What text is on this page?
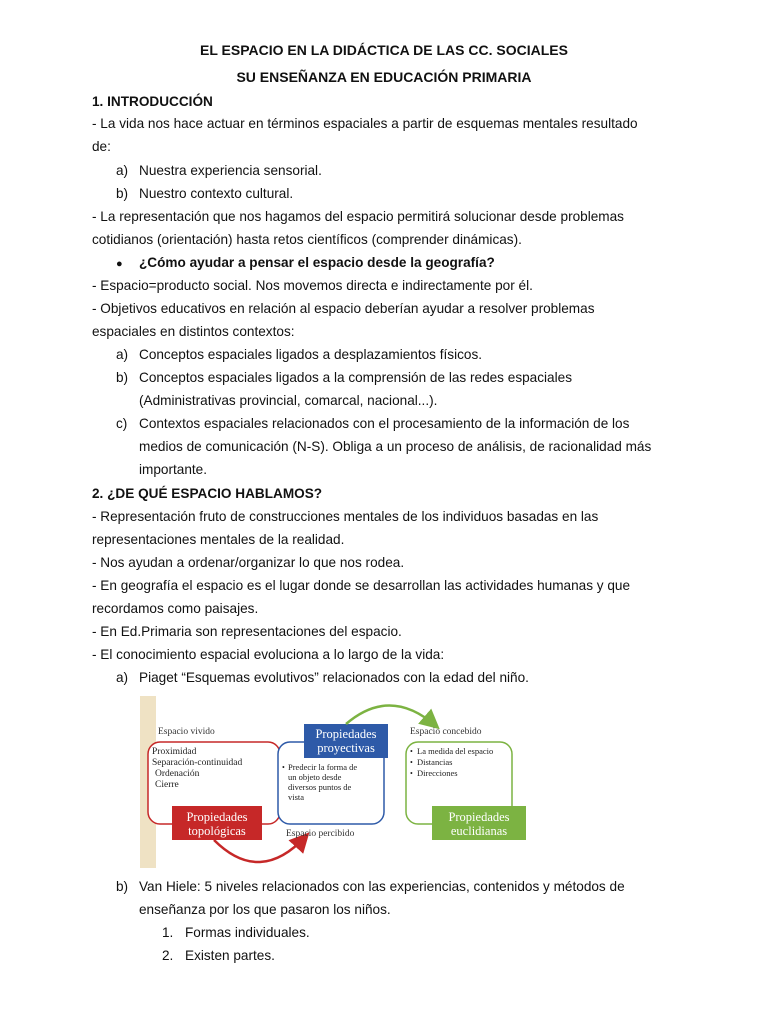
EL ESPACIO EN LA DIDÁCTICA DE LAS CC. SOCIALES
SU ENSEÑANZA EN EDUCACIÓN PRIMARIA
1. INTRODUCCIÓN
- La vida nos hace actuar en términos espaciales a partir de esquemas mentales resultado
de:
a) Nuestra experiencia sensorial.
b) Nuestro contexto cultural.
- La representación que nos hagamos del espacio permitirá solucionar desde problemas
cotidianos (orientación) hasta retos científicos (comprender dinámicas).
● ¿Cómo ayudar a pensar el espacio desde la geografía?
- Espacio=producto social. Nos movemos directa e indirectamente por él.
- Objetivos educativos en relación al espacio deberían ayudar a resolver problemas
espaciales en distintos contextos:
a) Conceptos espaciales ligados a desplazamientos físicos.
b) Conceptos espaciales ligados a la comprensión de las redes espaciales
(Administrativas provincial, comarcal, nacional...).
c) Contextos espaciales relacionados con el procesamiento de la información de los
medios de comunicación (N-S). Obliga a un proceso de análisis, de racionalidad más
importante.
2. ¿DE QUÉ ESPACIO HABLAMOS?
- Representación fruto de construcciones mentales de los individuos basadas en las
representaciones mentales de la realidad.
- Nos ayudan a ordenar/organizar lo que nos rodea.
- En geografía el espacio es el lugar donde se desarrollan las actividades humanas y que
recordamos como paisajes.
- En Ed.Primaria son representaciones del espacio.
- El conocimiento espacial evoluciona a lo largo de la vida:
a) Piaget “Esquemas evolutivos” relacionados con la edad del niño.
Espacio vivido
Proximidad
Separación-continuidad
Ordenación
Cierre
Propiedades
topológicas	Espacio percibido
Propiedades
proyectivas
• Predecir la forma de
un objeto desde
diversos puntos de
vista
Espacio concebido
• La medida del espacio
• Distancias
• Direcciones
Propiedades
euclidianas
b) Van Hiele: 5 niveles relacionados con las experiencias, contenidos y métodos de
enseñanza por los que pasaron los niños.
1. Formas individuales.
2. Existen partes.
